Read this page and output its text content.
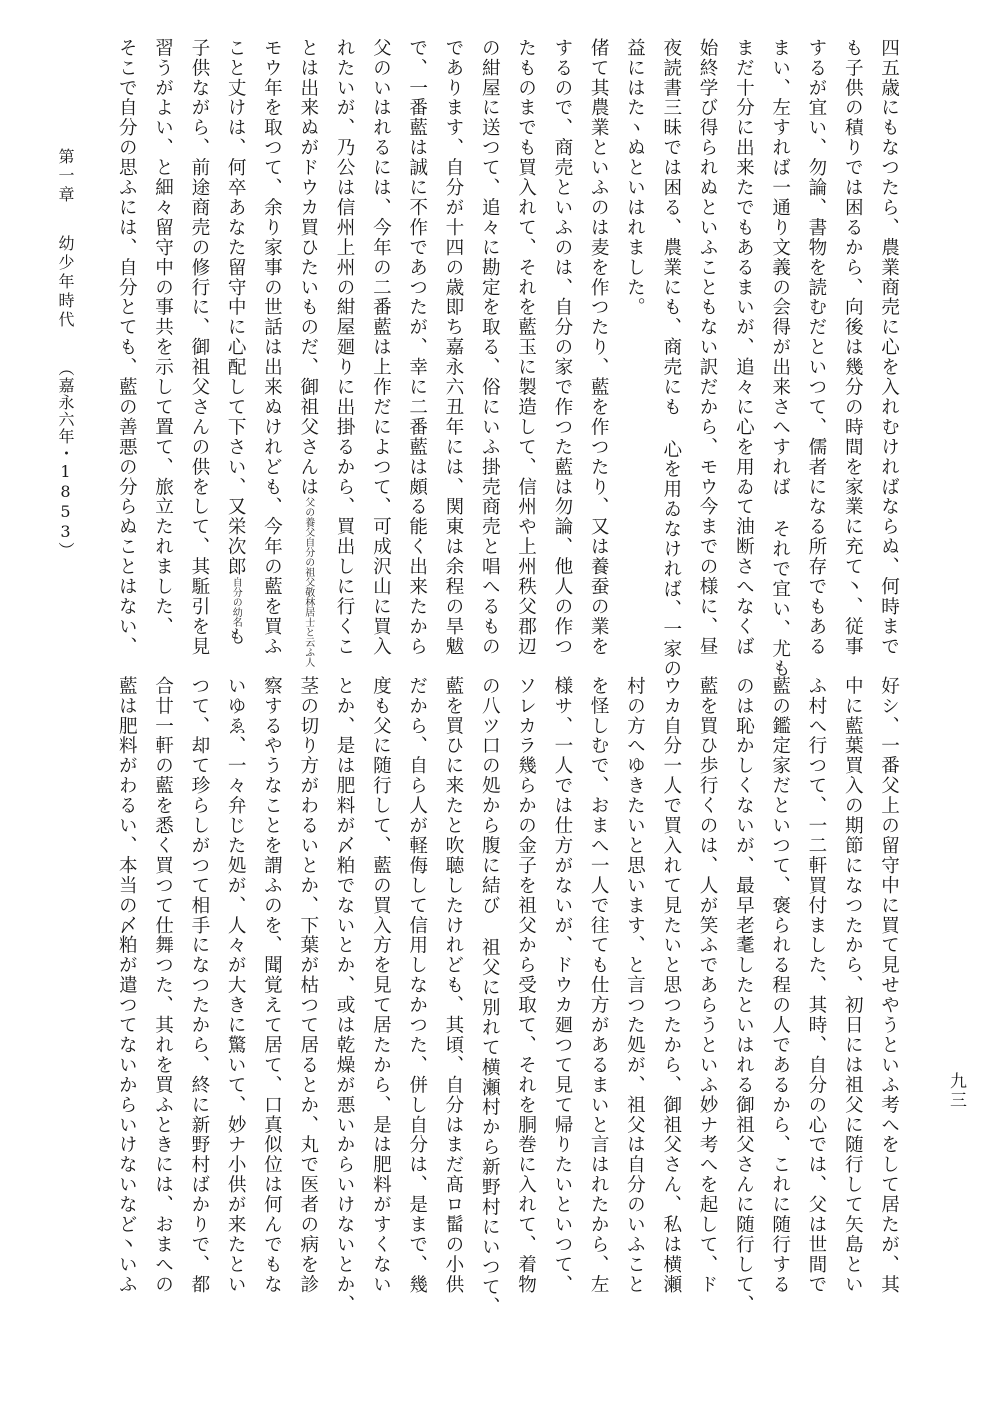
第一章幼少年時代（嘉永六年・1853）	四五歳にもなつたら、農業商売に心を入れむければならぬ、何時まで
も子供の積りでは困るから、向後は幾分の時間を家業に充て丶、従事
するが宜い、勿論、書物を読むだといつて、儒者になる所存でもある
まい、左すれば一通り文義の会得が出来さへすれば それで宜い、尤も
まだ十分に出来たでもあるまいが、追々に心を用ゐて油断さへなくば
始終学び得られぬといふこともない訳だから、モウ今までの様に、昼
夜読書三昧では困る、農業にも、商売にも 心を用ゐなければ、一家の
益にはたヽぬといはれました。
偖て其農業といふのは麦を作つたり、藍を作つたり、又は養蚕の業を
するので、商売といふのは、自分の家で作つた藍は勿論、他人の作つ
たものまでも買入れて、それを藍玉に製造して、信州や上州秩父郡辺
の紺屋に送つて、追々に勘定を取る、俗にいふ掛売商売と唱へるもの
であります、自分が十四の歳即ち嘉永六丑年には、関東は余程の旱魃
で、一番藍は誠に不作であつたが、幸に二番藍は頗る能く出来たから
父のいはれるには、今年の二番藍は上作だによつて、可成沢山に買入
れたいが、乃公は信州上州の紺屋廻りに出掛るから、買出しに行くこ
とは出来ぬがドウカ買ひたいものだ、御祖父さんは父の養父自分の祖父敬林居士と云ふ人
モウ年を取つて、余り家事の世話は出来ぬけれども、今年の藍を買ふ
こと丈けは、何卒あなた留守中に心配して下さい、又栄次郎自分の幼名も
子供ながら、前途商売の修行に、御祖父さんの供をして、其駈引を見
習うがよい、と細々留守中の事共を示して置て、旅立たれました、
そこで自分の思ふには、自分とても、藍の善悪の分らぬことはない、
好シ、一番父上の留守中に買て見せやうといふ考へをして居たが、其
中に藍葉買入の期節になつたから、初日には祖父に随行して矢島とい
ふ村へ行つて、一二軒買付ました、其時、自分の心では、父は世間で
藍の鑑定家だといつて、褒られる程の人であるから、これに随行する
のは恥かしくないが、最早老耄したといはれる御祖父さんに随行して、
藍を買ひ歩行くのは、人が笑ふであらうといふ妙ナ考へを起して、ド
ウカ自分一人で買入れて見たいと思つたから、御祖父さん、私は横瀬
村の方へゆきたいと思います、と言つた処が、祖父は自分のいふこと
を怪しむで、おまへ一人で往ても仕方があるまいと言はれたから、左
様サ、一人では仕方がないが、ドウカ廻つて見て帰りたいといつて、
ソレカラ幾らかの金子を祖父から受取て、それを胴巻に入れて、着物
の八ツ口の処から腹に結び 祖父に別れて横瀬村から新野村にいつて、
藍を買ひに来たと吹聴したけれども、其頃、自分はまだ髙ロ髷の小供
だから、自ら人が軽侮して信用しなかつた、併し自分は、是まで、幾
度も父に随行して、藍の買入方を見て居たから、是は肥料がすくない
とか、是は肥料が〆粕でないとか、或は乾燥が悪いからいけないとか、
茎の切り方がわるいとか、下葉が枯つて居るとか、丸で医者の病を診
察するやうなことを謂ふのを、聞覚えて居て、口真似位は何んでもな
いゆゑ、一々弁じた処が、人々が大きに驚いて、妙ナ小供が来たとい
つて、却て珍らしがつて相手になつたから、終に新野村ばかりで、都
合廿一軒の藍を悉く買つて仕舞つた、其れを買ふときには、おまへの
藍は肥料がわるい、本当の〆粕が遣つてないからいけないなど丶いふ	九三
